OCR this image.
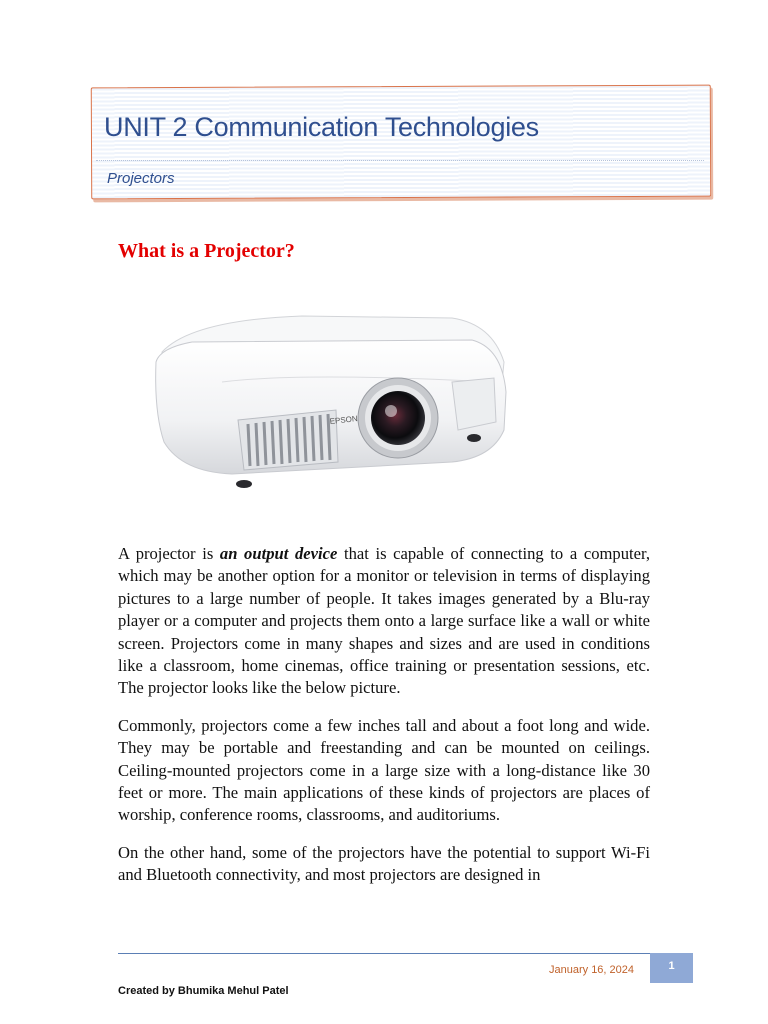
UNIT 2 Communication Technologies
Projectors
What is a Projector?
EPSON

A projector is an output device that is capable of connecting to a computer, which may be another option for a monitor or television in terms of displaying pictures to a large number of people. It takes images generated by a Blu-ray player or a computer and projects them onto a large surface like a wall or white screen. Projectors come in many shapes and sizes and are used in conditions like a classroom, home cinemas, office training or presentation sessions, etc. The projector looks like the below picture.

Commonly, projectors come a few inches tall and about a foot long and wide. They may be portable and freestanding and can be mounted on ceilings. Ceiling-mounted projectors come in a large size with a long-distance like 30 feet or more. The main applications of these kinds of projectors are places of worship, conference rooms, classrooms, and auditoriums.

On the other hand, some of the projectors have the potential to support Wi-Fi and Bluetooth connectivity, and most projectors are designed in

January 16, 2024	1
Created by Bhumika Mehul Patel
